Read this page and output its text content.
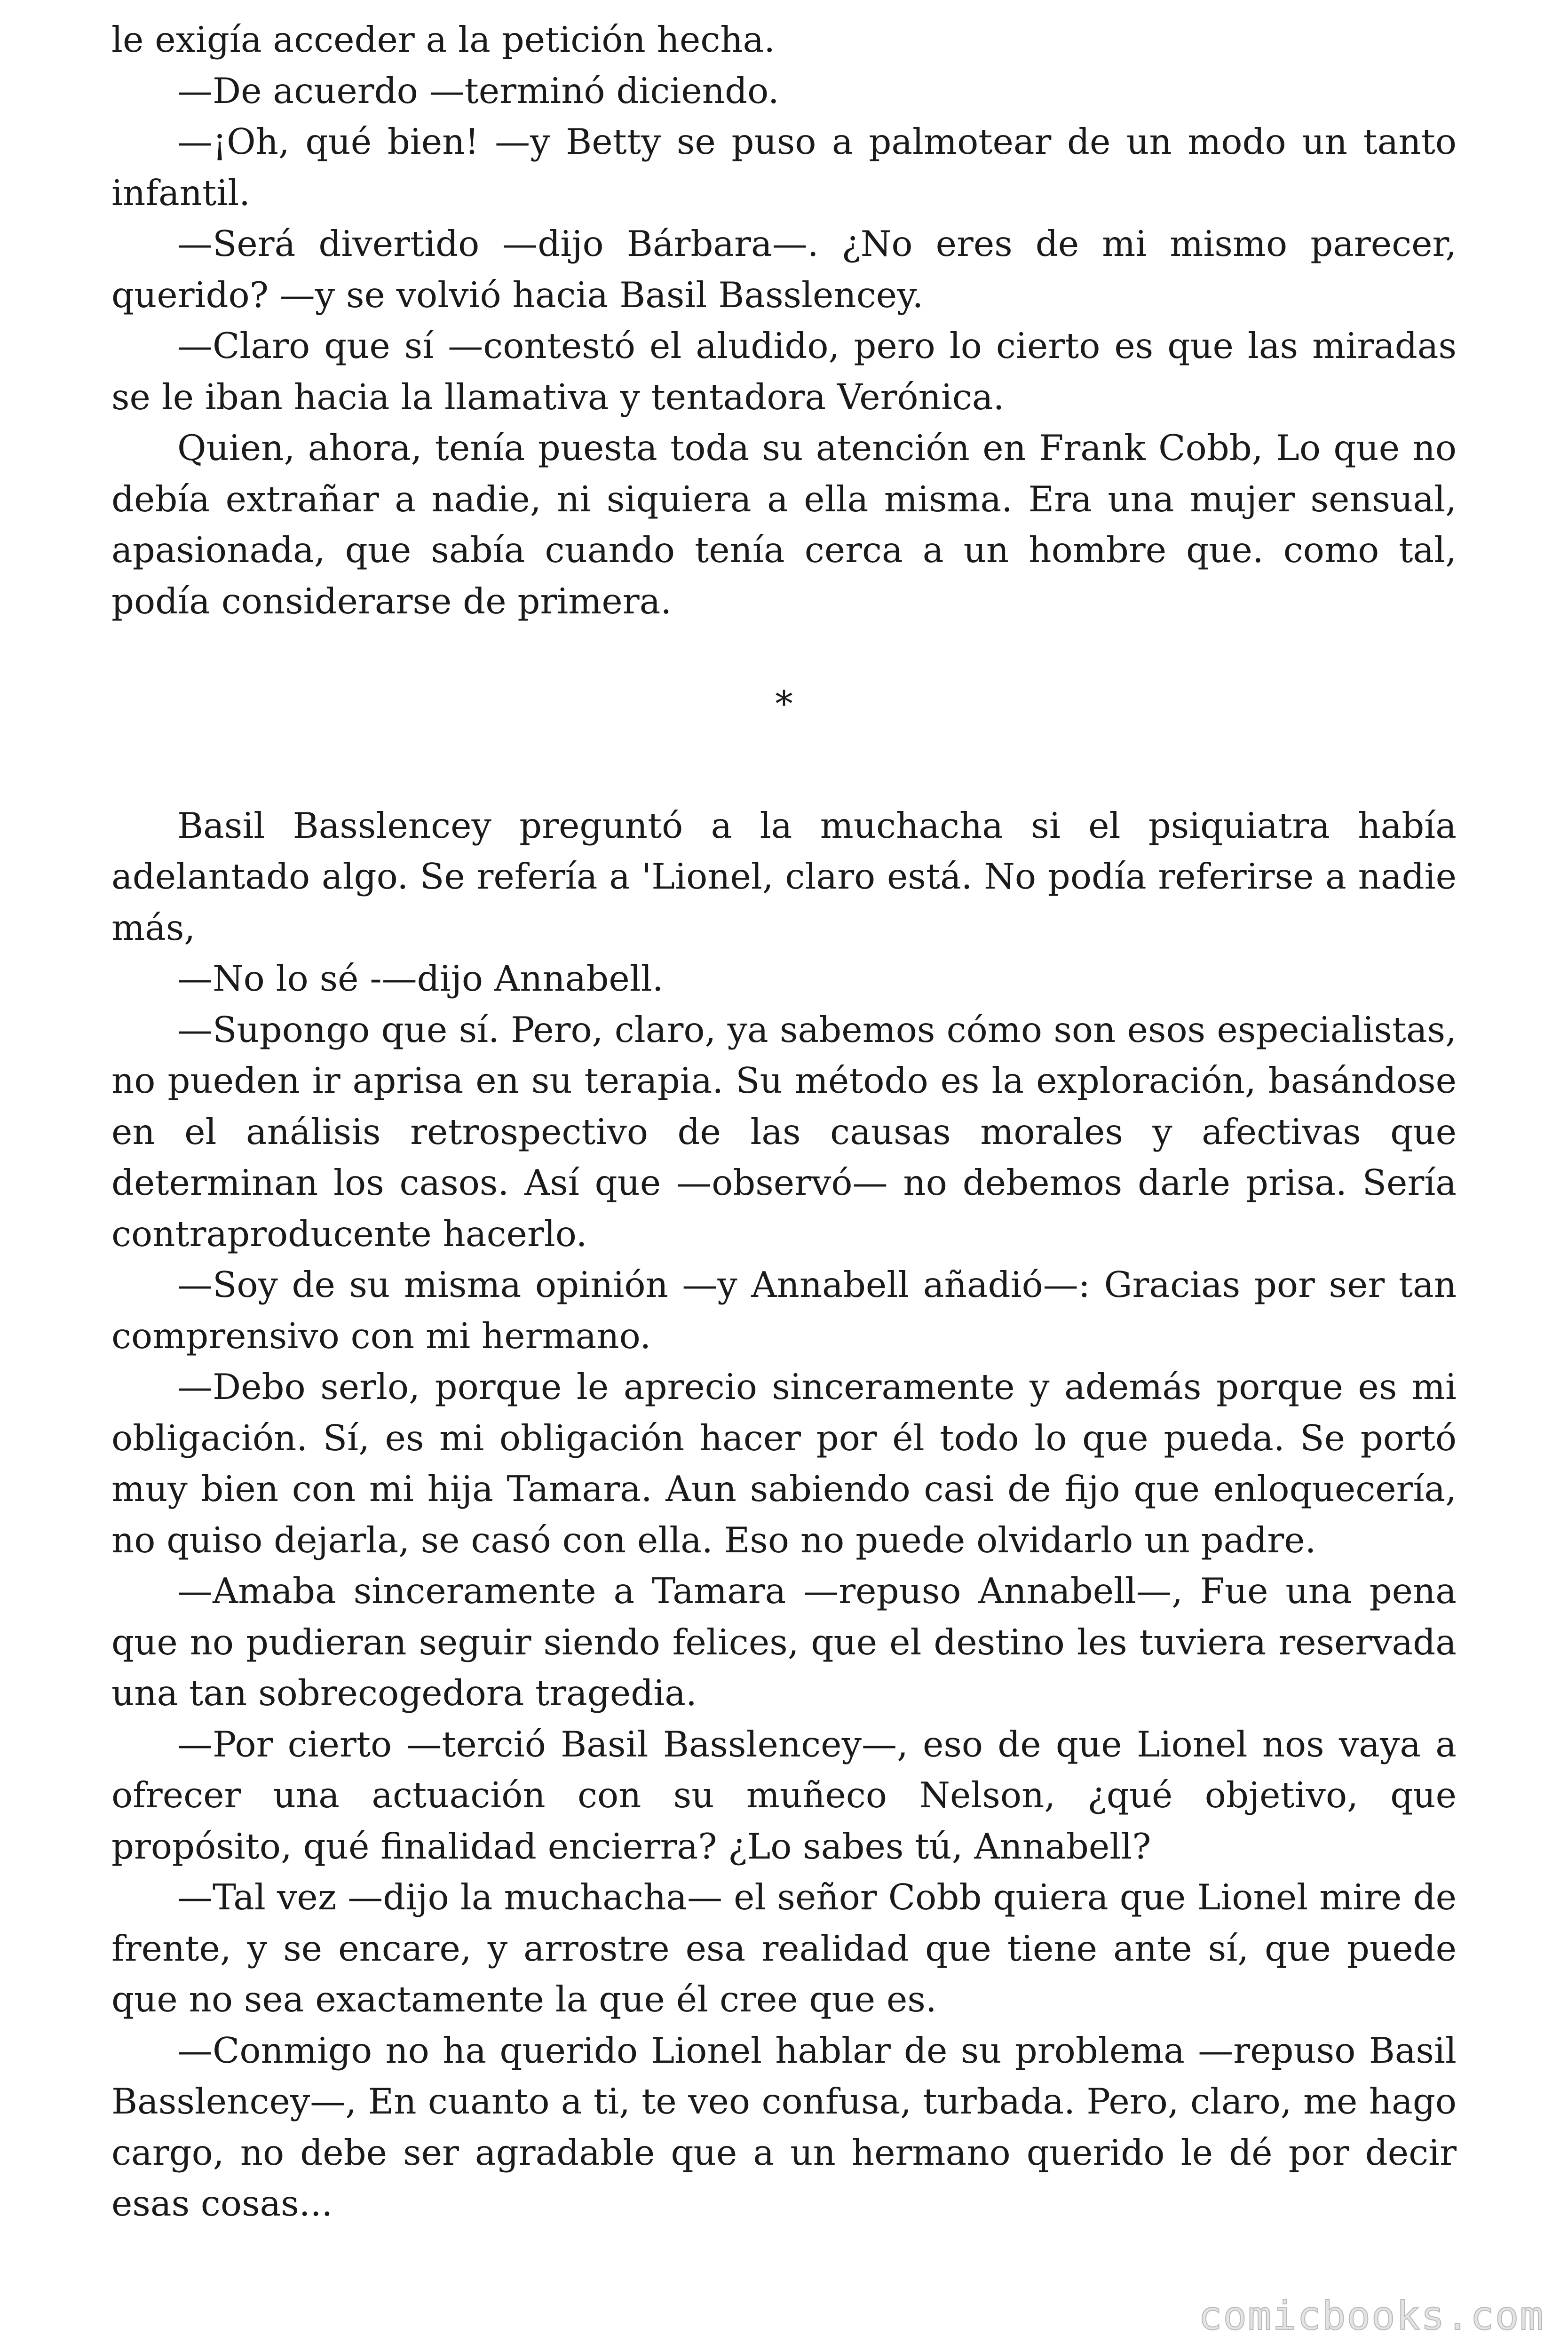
le exigía acceder a la petición hecha.

—De acuerdo —terminó diciendo.

—¡Oh, qué bien! —y Betty se puso a palmotear de un modo un tanto infantil.

—Será divertido —dijo Bárbara—. ¿No eres de mi mismo parecer, querido? —y se volvió hacia Basil Basslencey.

—Claro que sí —contestó el aludido, pero lo cierto es que las miradas se le iban hacia la llamativa y tentadora Verónica.

Quien, ahora, tenía puesta toda su atención en Frank Cobb, Lo que no debía extrañar a nadie, ni siquiera a ella misma. Era una mujer sensual, apasionada, que sabía cuando tenía cerca a un hombre que. como tal, podía considerarse de primera.

*

Basil Basslencey preguntó a la muchacha si el psiquiatra había adelantado algo. Se refería a 'Lionel, claro está. No podía referirse a nadie más,

—No lo sé -—dijo Annabell.

—Supongo que sí. Pero, claro, ya sabemos cómo son esos especialistas, no pueden ir aprisa en su terapia. Su método es la exploración, basándose en el análisis retrospectivo de las causas morales y afectivas que determinan los casos. Así que —observó— no debemos darle prisa. Sería contraproducente hacerlo.

—Soy de su misma opinión —y Annabell añadió—: Gracias por ser tan comprensivo con mi hermano.

—Debo serlo, porque le aprecio sinceramente y además porque es mi obligación. Sí, es mi obligación hacer por él todo lo que pueda. Se portó muy bien con mi hija Tamara. Aun sabiendo casi de fijo que enloquecería, no quiso dejarla, se casó con ella. Eso no puede olvidarlo un padre.

—Amaba sinceramente a Tamara —repuso Annabell—, Fue una pena que no pudieran seguir siendo felices, que el destino les tuviera reservada una tan sobrecogedora tragedia.

—Por cierto —terció Basil Basslencey—, eso de que Lionel nos vaya a ofrecer una actuación con su muñeco Nelson, ¿qué objetivo, que propósito, qué finalidad encierra? ¿Lo sabes tú, Annabell?

—Tal vez —dijo la muchacha— el señor Cobb quiera que Lionel mire de frente, y se encare, y arrostre esa realidad que tiene ante sí, que puede que no sea exactamente la que él cree que es.

—Conmigo no ha querido Lionel hablar de su problema —repuso Basil Basslencey—, En cuanto a ti, te veo confusa, turbada. Pero, claro, me hago cargo, no debe ser agradable que a un hermano querido le dé por decir esas cosas...

comicbooks.com
